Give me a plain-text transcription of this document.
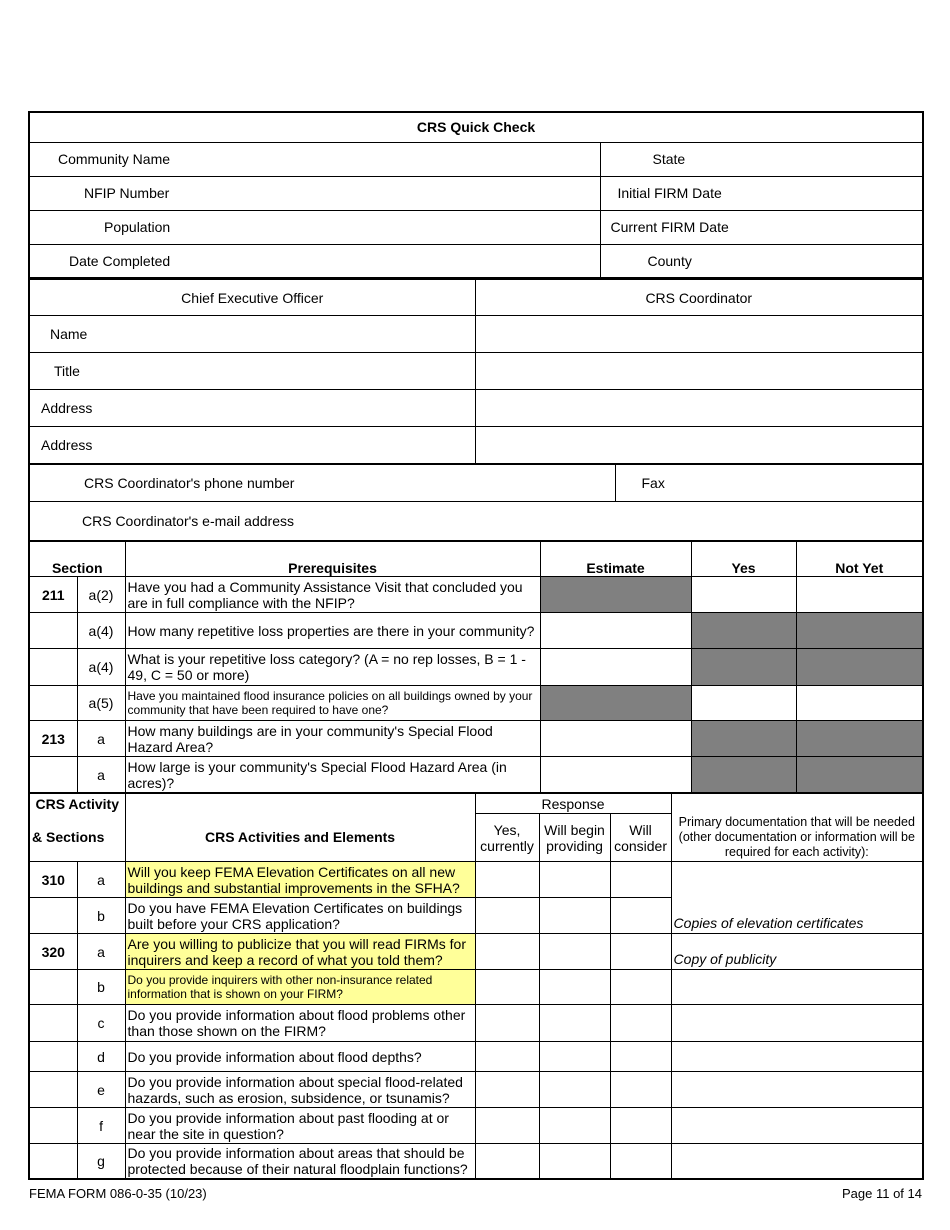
CRS Quick Check	
Community Name	State
NFIP Number	Initial FIRM Date
Population	Current FIRM Date
Date Completed	County
Chief Executive Officer	CRS Coordinator
Name	
Title	
Address	
Address	
CRS Coordinator's phone number	Fax
CRS Coordinator's e-mail address
Section		Prerequisites	Estimate	Yes	Not Yet
211	a(2)	Have you had a Community Assistance Visit that concluded you are in full compliance with the NFIP?			
	a(4)	How many repetitive loss properties are there in your community?			
	a(4)	What is your repetitive loss category? (A = no rep losses, B = 1 - 49, C = 50 or more)			
	a(5)	Have you maintained flood insurance policies on all buildings owned by your community that have been required to have one?			
213	a	How many buildings are in your community's Special Flood Hazard Area?			
	a	How large is your community's Special Flood Hazard Area (in acres)?			
CRS Activity			Response			
& Sections		CRS Activities and Elements	Yes, currently	Will begin providing	Will consider	Primary documentation that will be needed (other documentation or information will be required for each activity):
310	a	Will you keep FEMA Elevation Certificates on all new buildings and substantial improvements in the SFHA?				
	b	Do you have FEMA Elevation Certificates on buildings built before your CRS application?				Copies of elevation certificates
320	a	Are you willing to publicize that you will read FIRMs for inquirers and keep a record of what you told them?				Copy of publicity
	b	Do you provide inquirers with other non-insurance related information that is shown on your FIRM?				
	c	Do you provide information about flood problems other than those shown on the FIRM?				
	d	Do you provide information about flood depths?				
	e	Do you provide information about special flood-related hazards, such as erosion, subsidence, or tsunamis?				
	f	Do you provide information about past flooding at or near the site in question?				
	g	Do you provide information about areas that should be protected because of their natural floodplain functions?				
FEMA FORM 086-0-35 (10/23)	Page 11 of 14
